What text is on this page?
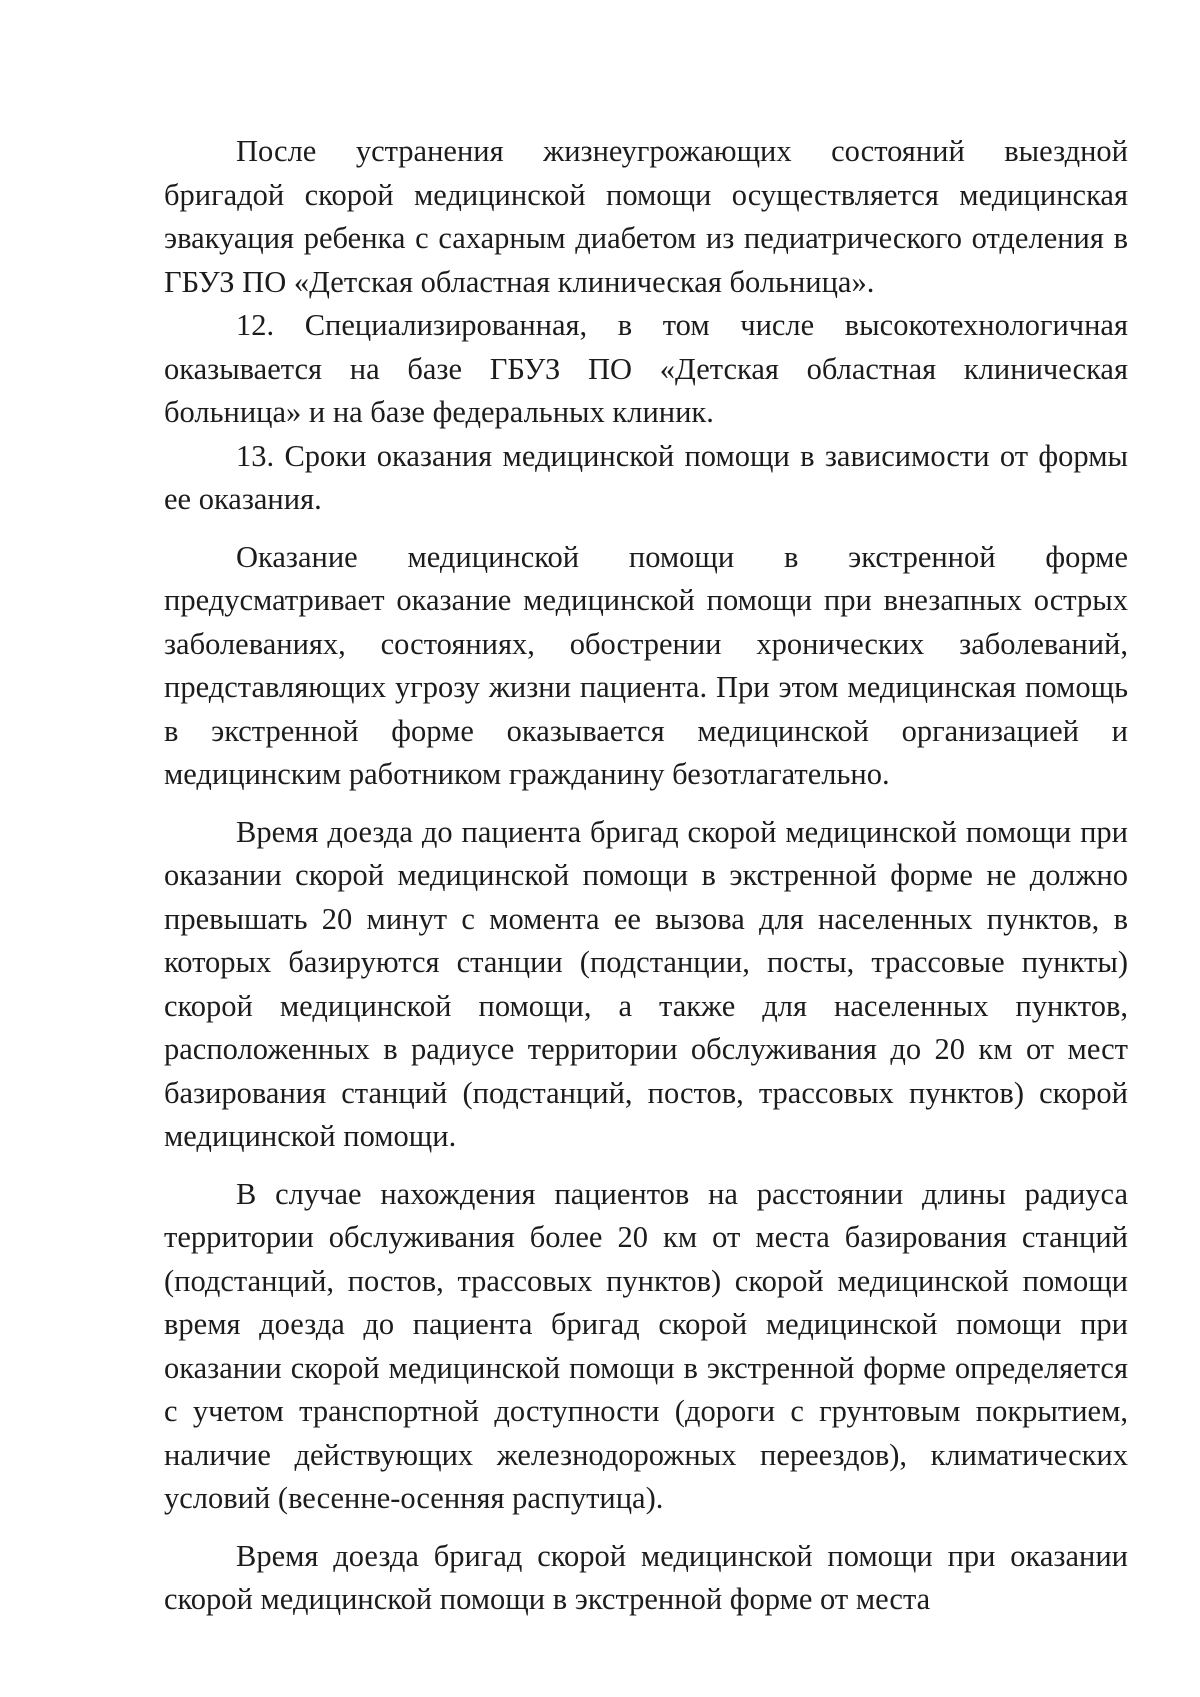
После устранения жизнеугрожающих состояний выездной бригадой скорой медицинской помощи осуществляется медицинская эвакуация ребенка с сахарным диабетом из педиатрического отделения в ГБУЗ ПО «Детская областная клиническая больница».

12. Специализированная, в том числе высокотехнологичная оказывается на базе ГБУЗ ПО «Детская областная клиническая больница» и на базе федеральных клиник.

13. Сроки оказания медицинской помощи в зависимости от формы ее оказания.

Оказание медицинской помощи в экстренной форме предусматривает оказание медицинской помощи при внезапных острых заболеваниях, состояниях, обострении хронических заболеваний, представляющих угрозу жизни пациента. При этом медицинская помощь в экстренной форме оказывается медицинской организацией и медицинским работником гражданину безотлагательно.

Время доезда до пациента бригад скорой медицинской помощи при оказании скорой медицинской помощи в экстренной форме не должно превышать 20 минут с момента ее вызова для населенных пунктов, в которых базируются станции (подстанции, посты, трассовые пункты) скорой медицинской помощи, а также для населенных пунктов, расположенных в радиусе территории обслуживания до 20 км от мест базирования станций (подстанций, постов, трассовых пунктов) скорой медицинской помощи.

В случае нахождения пациентов на расстоянии длины радиуса территории обслуживания более 20 км от места базирования станций (подстанций, постов, трассовых пунктов) скорой медицинской помощи время доезда до пациента бригад скорой медицинской помощи при оказании скорой медицинской помощи в экстренной форме определяется с учетом транспортной доступности (дороги с грунтовым покрытием, наличие действующих железнодорожных переездов), климатических условий (весенне-осенняя распутица).

Время доезда бригад скорой медицинской помощи при оказании скорой медицинской помощи в экстренной форме от места
